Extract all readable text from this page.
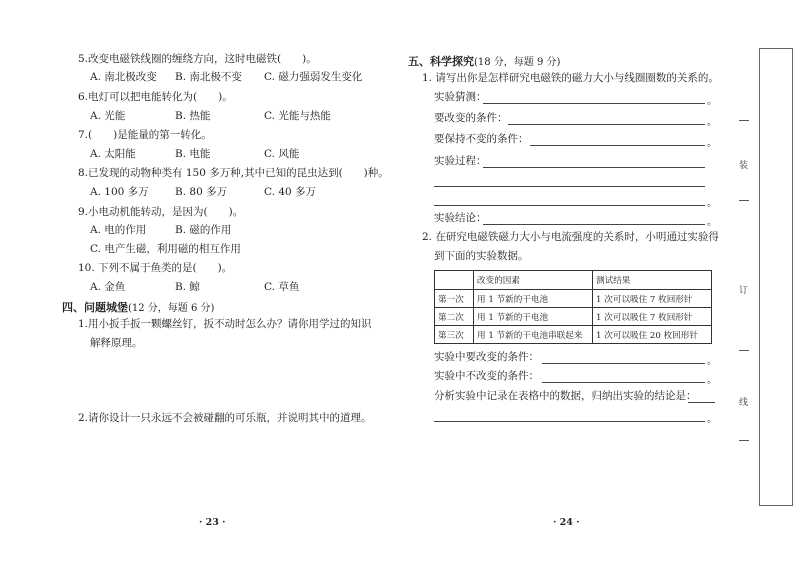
5.改变电磁铁线圈的缠绕方向，这时电磁铁(　　)。
A. 南北极改变 B. 南北极不变 C. 磁力强弱发生变化
6.电灯可以把电能转化为(　　)。
A. 光能	B. 热能	C. 光能与热能
7.(　　)是能量的第一转化。
A. 太阳能	B. 电能	C. 风能
8.已发现的动物种类有 150 多万种,其中已知的昆虫达到(　　)种。
A. 100 多万	B. 80 多万	C. 40 多万
9.小电动机能转动，是因为(　　)。
A. 电的作用	B. 磁的作用
C. 电产生磁，利用磁的相互作用
10. 下列不属于鱼类的是(　　)。
A. 金鱼	B. 鲸	C. 草鱼
四、问题城堡(12 分，每题 6 分)
1.用小扳手扳一颗螺丝钉，扳不动时怎么办？请你用学过的知识
解释原理。
2.请你设计一只永远不会被碰翻的可乐瓶，并说明其中的道理。
· 23 ·
五、科学探究(18 分，每题 9 分)
1. 请写出你是怎样研究电磁铁的磁力大小与线圈圈数的关系的。
实验猜测：	。
要改变的条件：	。
要保持不变的条件：	。
实验过程：
。
实验结论：	。
2. 在研究电磁铁磁力大小与电流强度的关系时，小明通过实验得
到下面的实验数据。
	改变的因素	测试结果
第一次	用 1 节新的干电池	1 次可以吸住 7 枚回形针
第二次	用 1 节新的干电池	1 次可以吸住 7 枚回形针
第三次	用 1 节新的干电池串联起来	1 次可以吸住 20 枚回形针
实验中要改变的条件：	。
实验中不改变的条件：	。
分析实验中记录在表格中的数据，归纳出实验的结论是：
。
· 24 ·
装
订
线
